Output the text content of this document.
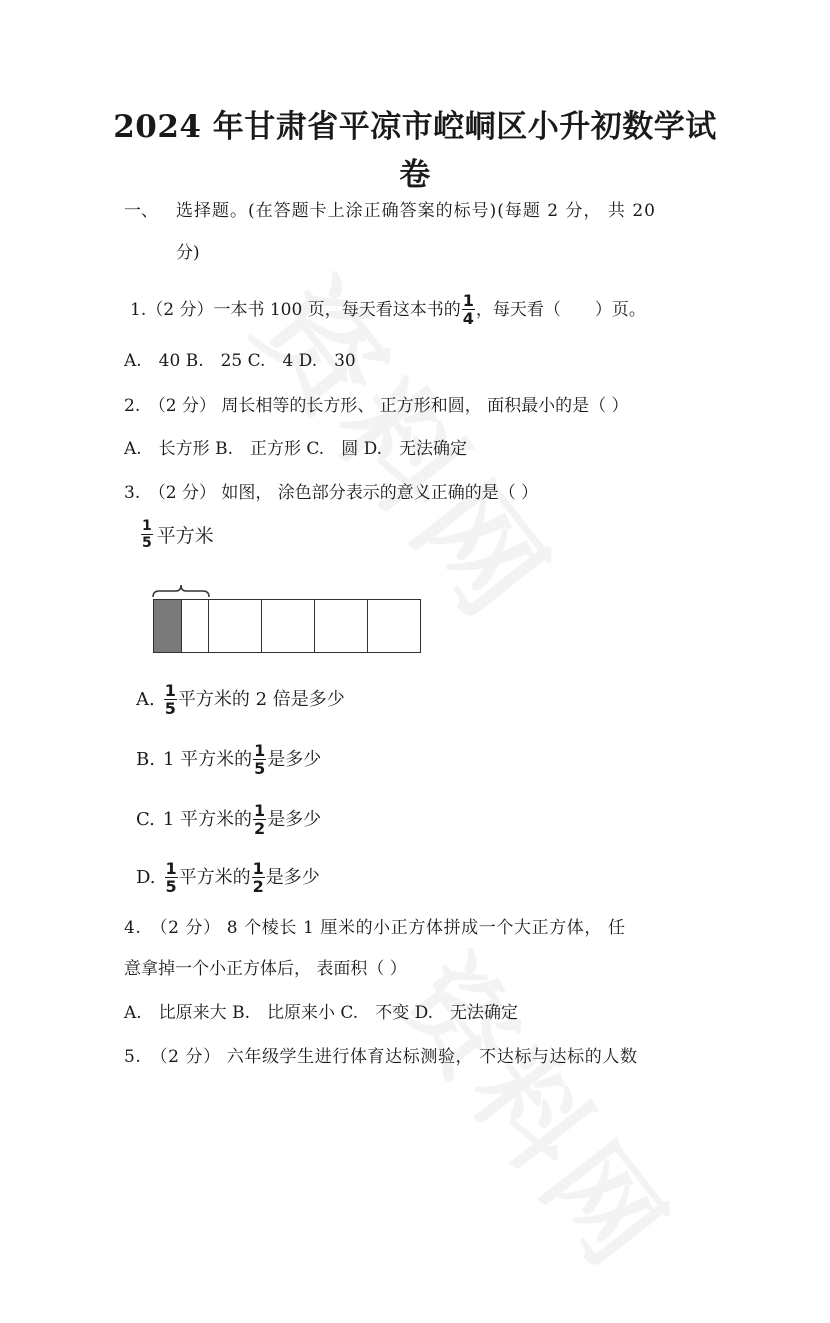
2024 年甘肃省平凉市崆峒区小升初数学试
卷
一、 选择题。(在答题卡上涂正确答案的标号)(每题 2 分， 共 20
分)
1.（2 分）一本书 100 页，每天看这本书的 $\frac{1}{4}$ ，每天看（　　）页。
A.　40 B.　25 C.　4 D.　30
2.　（2 分） 周长相等的长方形、 正方形和圆， 面积最小的是（ ）
A.　长方形 B.　正方形 C.　圆 D.　无法确定
3.　（2 分） 如图， 涂色部分表示的意义正确的是（ ）
$\frac{1}{5}$ 平方米
A. $\frac{1}{5}$ 平方米的 2 倍是多少
B. 1 平方米的 $\frac{1}{5}$ 是多少
C. 1 平方米的 $\frac{1}{2}$ 是多少
D. $\frac{1}{5}$ 平方米的 $\frac{1}{2}$ 是多少
4.　（2 分） 8 个棱长 1 厘米的小正方体拼成一个大正方体， 任
意拿掉一个小正方体后， 表面积（ ）
A.　比原来大 B.　比原来小 C.　不变 D.　无法确定
5.　（2 分） 六年级学生进行体育达标测验， 不达标与达标的人数
